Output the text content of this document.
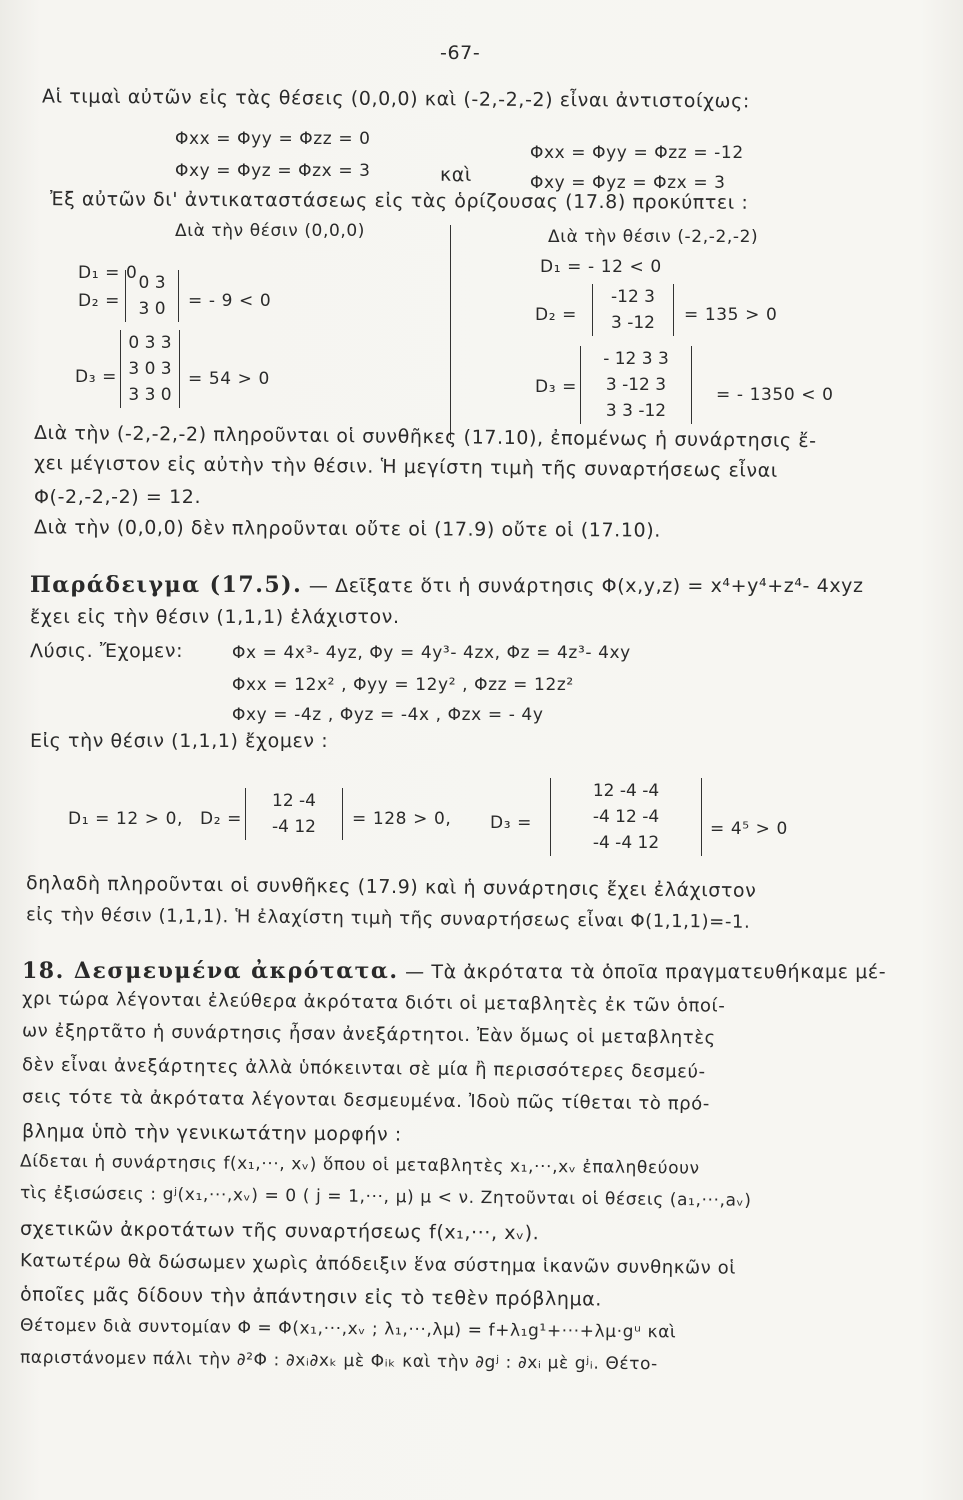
-67-
Αἱ τιμαὶ αὐτῶν εἰς τὰς θέσεις (0,0,0) καὶ (-2,-2,-2) εἶναι ἀντιστοίχως:
Φxx = Φyy = Φzz = 0
Φxx = Φyy = Φzz = -12
Φxy = Φyz = Φzx = 3	καὶ	Φxy = Φyz = Φzx = 3
Ἐξ αὐτῶν δι' ἀντικαταστάσεως εἰς τὰς ὁρίζουσας (17.8) προκύπτει :
Διὰ τὴν θέσιν (0,0,0)	Διὰ τὴν θέσιν (-2,-2,-2)
D₁ = 0
D₂ =
0 3
3 0	= - 9 < 0
D₃ =
0 3 3
3 0 3
3 3 0
= 54 > 0
D₁ = - 12 < 0
D₂ =
-12 3
3 -12	= 135 > 0
D₃ =
- 12 3 3
3 -12 3
3 3 -12
= - 1350 < 0
Διὰ τὴν (-2,-2,-2) πληροῦνται οἱ συνθῆκες (17.10), ἐπομένως ἡ συνάρτησις ἔ-
χει μέγιστον εἰς αὐτὴν τὴν θέσιν. Ἡ μεγίστη τιμὴ τῆς συναρτήσεως εἶναι
Φ(-2,-2,-2) = 12.
Διὰ τὴν (0,0,0) δὲν πληροῦνται οὔτε οἱ (17.9) οὔτε οἱ (17.10).
Παράδειγμα (17.5). — Δεῖξατε ὅτι ἡ συνάρτησις Φ(x,y,z) = x⁴+y⁴+z⁴- 4xyz
ἔχει εἰς τὴν θέσιν (1,1,1) ἐλάχιστον.
Λύσις. Ἔχομεν:	Φx = 4x³- 4yz, Φy = 4y³- 4zx, Φz = 4z³- 4xy
Φxx = 12x² , Φyy = 12y² , Φzz = 12z²
Φxy = -4z , Φyz = -4x , Φzx = - 4y
Εἰς τὴν θέσιν (1,1,1) ἔχομεν :
D₁ = 12 > 0, D₂ =
12 -4
-4 12	= 128 > 0, D₃ =
12 -4 -4
-4 12 -4
-4 -4 12
= 4⁵ > 0
δηλαδὴ πληροῦνται οἱ συνθῆκες (17.9) καὶ ἡ συνάρτησις ἔχει ἐλάχιστον
εἰς τὴν θέσιν (1,1,1). Ἡ ἐλαχίστη τιμὴ τῆς συναρτήσεως εἶναι Φ(1,1,1)=-1.
18. Δεσμευμένα ἀκρότατα. — Τὰ ἀκρότατα τὰ ὁποῖα πραγματευθήκαμε μέ-
χρι τώρα λέγονται ἐλεύθερα ἀκρότατα διότι οἱ μεταβλητὲς ἐκ τῶν ὁποί-
ων ἐξηρτᾶτο ἡ συνάρτησις ἦσαν ἀνεξάρτητοι. Ἐὰν ὅμως οἱ μεταβλητὲς
δὲν εἶναι ἀνεξάρτητες ἀλλὰ ὑπόκεινται σὲ μία ἢ περισσότερες δεσμεύ-
σεις τότε τὰ ἀκρότατα λέγονται δεσμευμένα. Ἰδοὺ πῶς τίθεται τὸ πρό-
βλημα ὑπὸ τὴν γενικωτάτην μορφήν :
Δίδεται ἡ συνάρτησις f(x₁,···, xᵥ) ὅπου οἱ μεταβλητὲς x₁,···,xᵥ ἐπαληθεύουν
τὶς ἐξισώσεις : gʲ(x₁,···,xᵥ) = 0 ( j = 1,···, μ) μ < ν. Ζητοῦνται οἱ θέσεις (a₁,···,aᵥ)
σχετικῶν ἀκροτάτων τῆς συναρτήσεως f(x₁,···, xᵥ).
Κατωτέρω θὰ δώσωμεν χωρὶς ἀπόδειξιν ἕνα σύστημα ἱκανῶν συνθηκῶν οἱ
ὁποῖες μᾶς δίδουν τὴν ἀπάντησιν εἰς τὸ τεθὲν πρόβλημα.
Θέτομεν διὰ συντομίαν Φ = Φ(x₁,···,xᵥ ; λ₁,···,λμ) = f+λ₁g¹+···+λμ·gᵘ καὶ
παριστάνομεν πάλι τὴν ∂²Φ : ∂xᵢ∂xₖ μὲ Φᵢₖ καὶ τὴν ∂gʲ : ∂xᵢ μὲ gʲᵢ. Θέτο-
